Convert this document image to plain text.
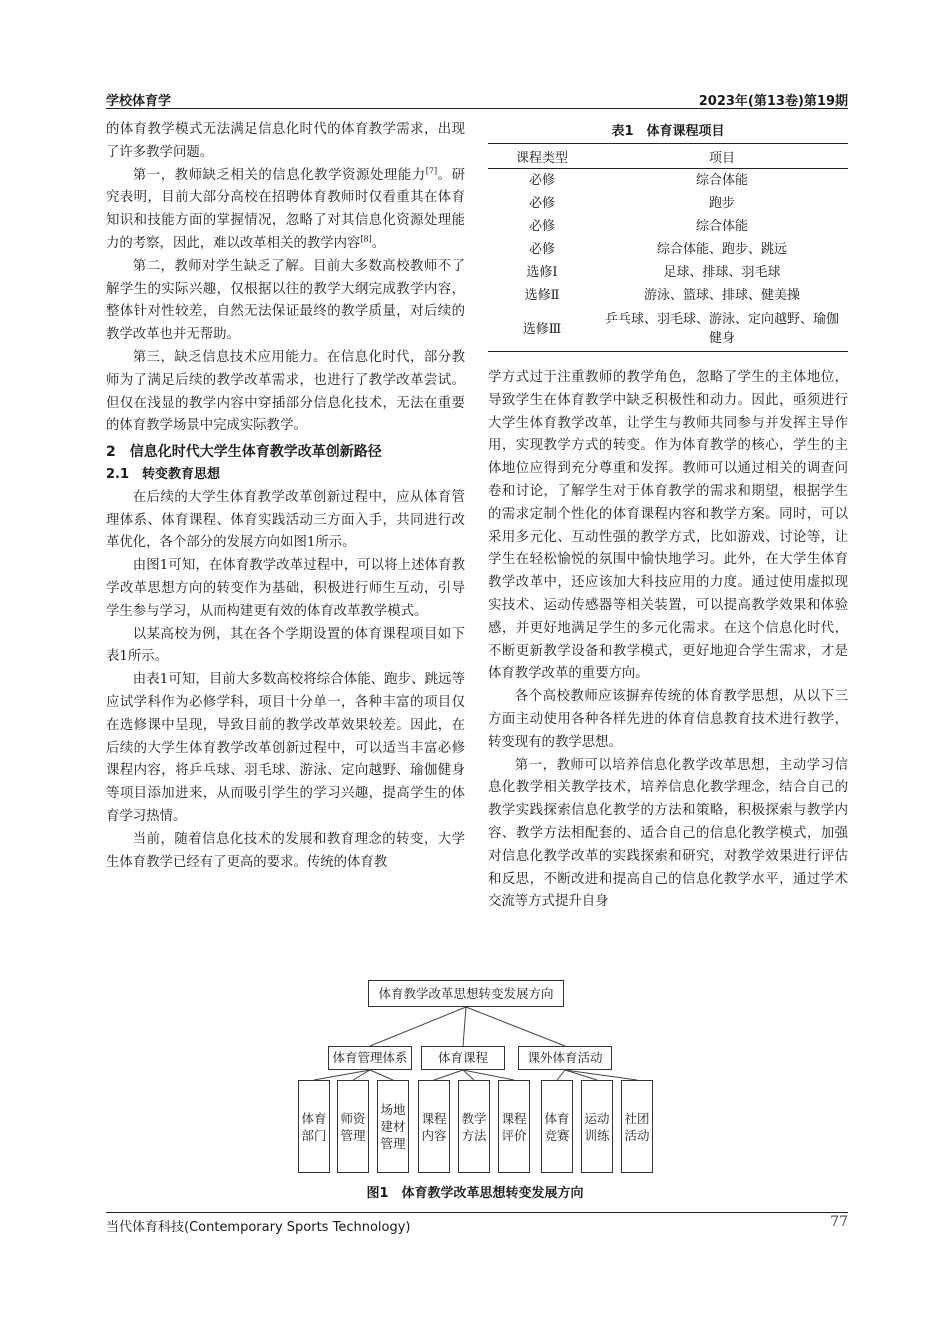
学校体育学	2023年(第13卷)第19期

的体育教学模式无法满足信息化时代的体育教学需求，出现了许多教学问题。

第一，教师缺乏相关的信息化教学资源处理能力[7]。研究表明，目前大部分高校在招聘体育教师时仅看重其在体育知识和技能方面的掌握情况，忽略了对其信息化资源处理能力的考察，因此，难以改革相关的教学内容[8]。

第二，教师对学生缺乏了解。目前大多数高校教师不了解学生的实际兴趣，仅根据以往的教学大纲完成教学内容，整体针对性较差，自然无法保证最终的教学质量，对后续的教学改革也并无帮助。

第三，缺乏信息技术应用能力。在信息化时代，部分教师为了满足后续的教学改革需求，也进行了教学改革尝试。但仅在浅显的教学内容中穿插部分信息化技术，无法在重要的体育教学场景中完成实际教学。

2　信息化时代大学生体育教学改革创新路径

2.1　转变教育思想

在后续的大学生体育教学改革创新过程中，应从体育管理体系、体育课程、体育实践活动三方面入手，共同进行改革优化，各个部分的发展方向如图1所示。

由图1可知，在体育教学改革过程中，可以将上述体育教学改革思想方向的转变作为基础，积极进行师生互动，引导学生参与学习，从而构建更有效的体育改革教学模式。

以某高校为例，其在各个学期设置的体育课程项目如下表1所示。

由表1可知，目前大多数高校将综合体能、跑步、跳远等应试学科作为必修学科，项目十分单一，各种丰富的项目仅在选修课中呈现，导致目前的教学改革效果较差。因此，在后续的大学生体育教学改革创新过程中，可以适当丰富必修课程内容，将乒乓球、羽毛球、游泳、定向越野、瑜伽健身等项目添加进来，从而吸引学生的学习兴趣，提高学生的体育学习热情。

当前，随着信息化技术的发展和教育理念的转变，大学生体育教学已经有了更高的要求。传统的体育教

表1　体育课程项目
课程类型	项目
必修	综合体能
必修	跑步
必修	综合体能
必修	综合体能、跑步、跳远
选修Ⅰ	足球、排球、羽毛球
选修Ⅱ	游泳、篮球、排球、健美操
选修Ⅲ	乒乓球、羽毛球、游泳、定向越野、瑜伽健身

学方式过于注重教师的教学角色，忽略了学生的主体地位，导致学生在体育教学中缺乏积极性和动力。因此，亟须进行大学生体育教学改革，让学生与教师共同参与并发挥主导作用，实现教学方式的转变。作为体育教学的核心，学生的主体地位应得到充分尊重和发挥。教师可以通过相关的调查问卷和讨论，了解学生对于体育教学的需求和期望，根据学生的需求定制个性化的体育课程内容和教学方案。同时，可以采用多元化、互动性强的教学方式，比如游戏、讨论等，让学生在轻松愉悦的氛围中愉快地学习。此外，在大学生体育教学改革中，还应该加大科技应用的力度。通过使用虚拟现实技术、运动传感器等相关装置，可以提高教学效果和体验感，并更好地满足学生的多元化需求。在这个信息化时代，不断更新教学设备和教学模式，更好地迎合学生需求，才是体育教学改革的重要方向。

各个高校教师应该摒弃传统的体育教学思想，从以下三方面主动使用各种各样先进的体育信息教育技术进行教学，转变现有的教学思想。

第一，教师可以培养信息化教学改革思想，主动学习信息化教学相关教学技术，培养信息化教学理念，结合自己的教学实践探索信息化教学的方法和策略，积极探索与教学内容、教学方法相配套的、适合自己的信息化教学模式，加强对信息化教学改革的实践探索和研究，对教学效果进行评估和反思，不断改进和提高自己的信息化教学水平，通过学术交流等方式提升自身

体育教学改革思想转变发展方向
体育管理体系	体育课程	课外体育活动
体育
部门
师资
管理
场地
建材
管理
课程
内容
教学
方法
课程
评价
体育
竞赛
运动
训练
社团
活动
图1　体育教学改革思想转变发展方向
当代体育科技(Contemporary Sports Technology)	77
